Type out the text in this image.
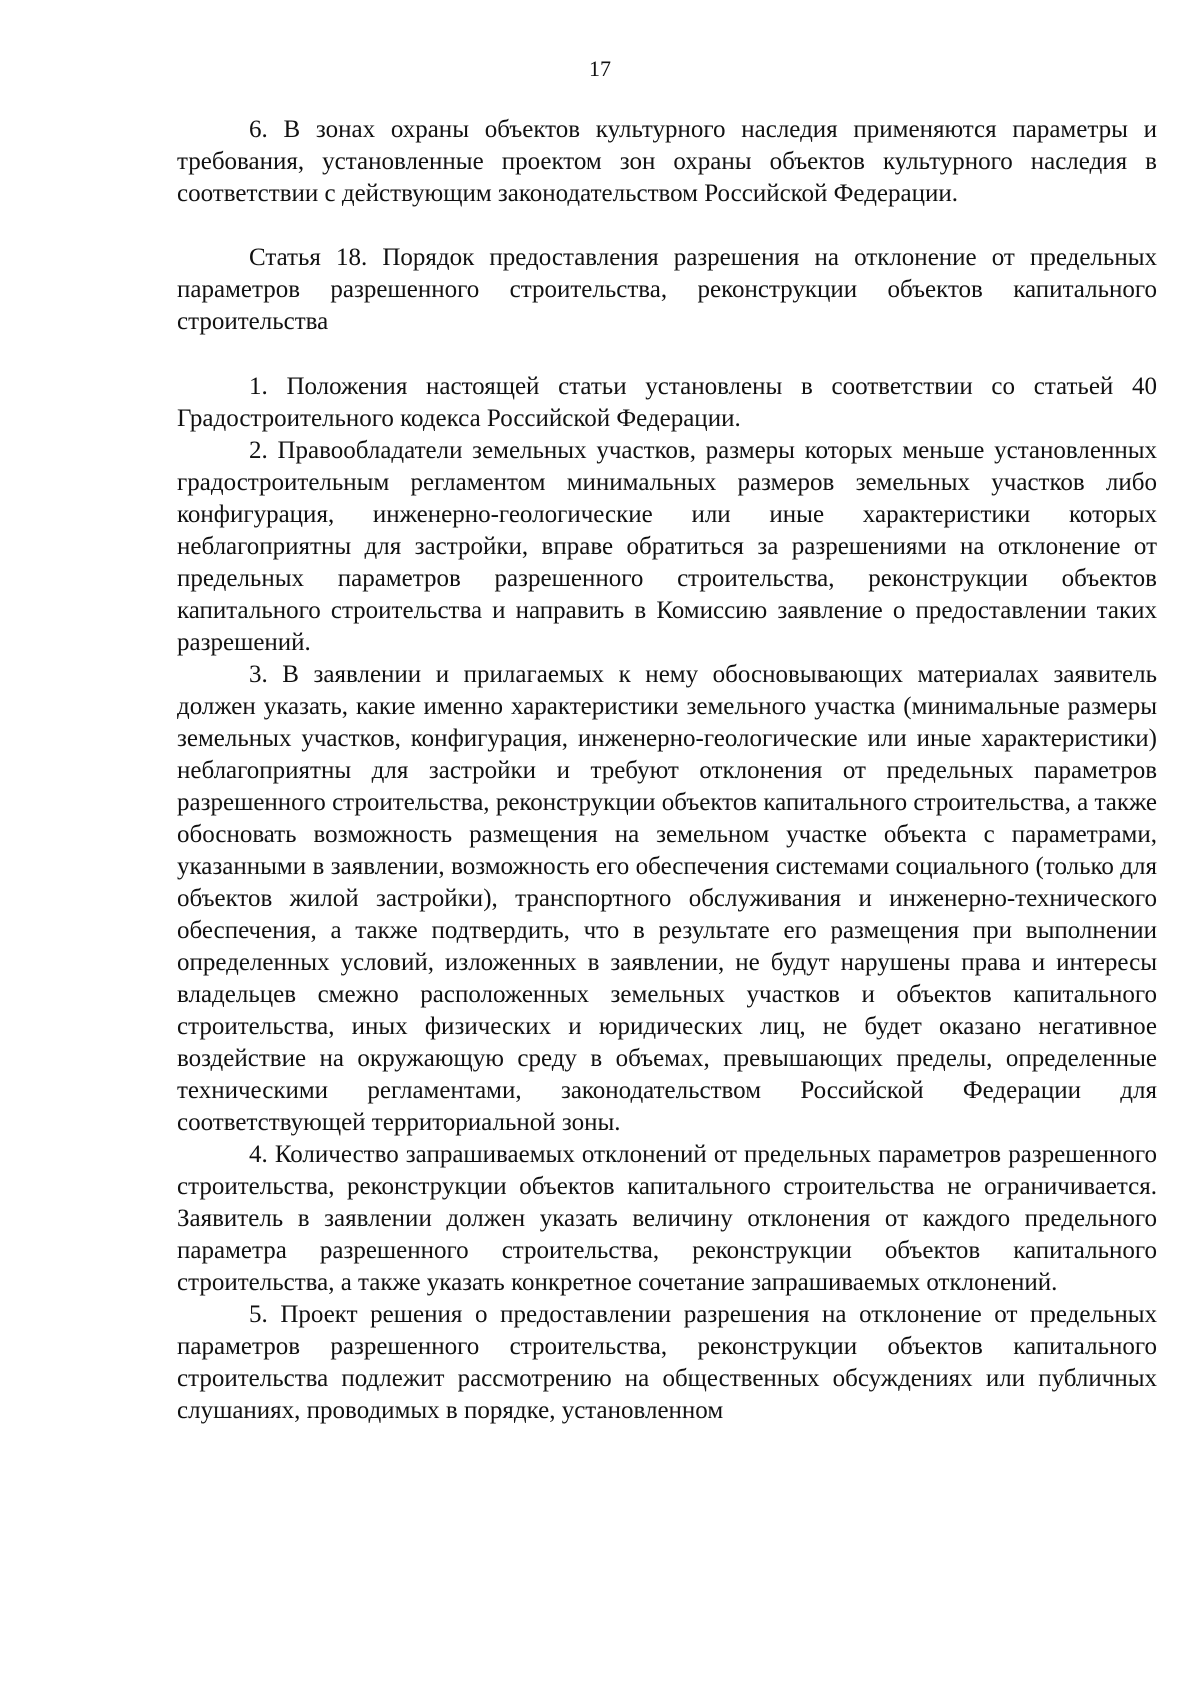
17

6. В зонах охраны объектов культурного наследия применяются параметры и требования, установленные проектом зон охраны объектов культурного наследия в соответствии с действующим законодательством Российской Федерации.

Статья 18. Порядок предоставления разрешения на отклонение от предельных параметров разрешенного строительства, реконструкции объектов капитального строительства

1. Положения настоящей статьи установлены в соответствии со статьей 40 Градостроительного кодекса Российской Федерации.

2. Правообладатели земельных участков, размеры которых меньше установленных градостроительным регламентом минимальных размеров земельных участков либо конфигурация, инженерно-геологические или иные характеристики которых неблагоприятны для застройки, вправе обратиться за разрешениями на отклонение от предельных параметров разрешенного строительства, реконструкции объектов капитального строительства и направить в Комиссию заявление о предоставлении таких разрешений.

3. В заявлении и прилагаемых к нему обосновывающих материалах заявитель должен указать, какие именно характеристики земельного участка (минимальные размеры земельных участков, конфигурация, инженерно-геологические или иные характеристики) неблагоприятны для застройки и требуют отклонения от предельных параметров разрешенного строительства, реконструкции объектов капитального строительства, а также обосновать возможность размещения на земельном участке объекта с параметрами, указанными в заявлении, возможность его обеспечения системами социального (только для объектов жилой застройки), транспортного обслуживания и инженерно-технического обеспечения, а также подтвердить, что в результате его размещения при выполнении определенных условий, изложенных в заявлении, не будут нарушены права и интересы владельцев смежно расположенных земельных участков и объектов капитального строительства, иных физических и юридических лиц, не будет оказано негативное воздействие на окружающую среду в объемах, превышающих пределы, определенные техническими регламентами, законодательством Российской Федерации для соответствующей территориальной зоны.

4. Количество запрашиваемых отклонений от предельных параметров разрешенного строительства, реконструкции объектов капитального строительства не ограничивается. Заявитель в заявлении должен указать величину отклонения от каждого предельного параметра разрешенного строительства, реконструкции объектов капитального строительства, а также указать конкретное сочетание запрашиваемых отклонений.

5. Проект решения о предоставлении разрешения на отклонение от предельных параметров разрешенного строительства, реконструкции объектов капитального строительства подлежит рассмотрению на общественных обсуждениях или публичных слушаниях, проводимых в порядке, установленном
